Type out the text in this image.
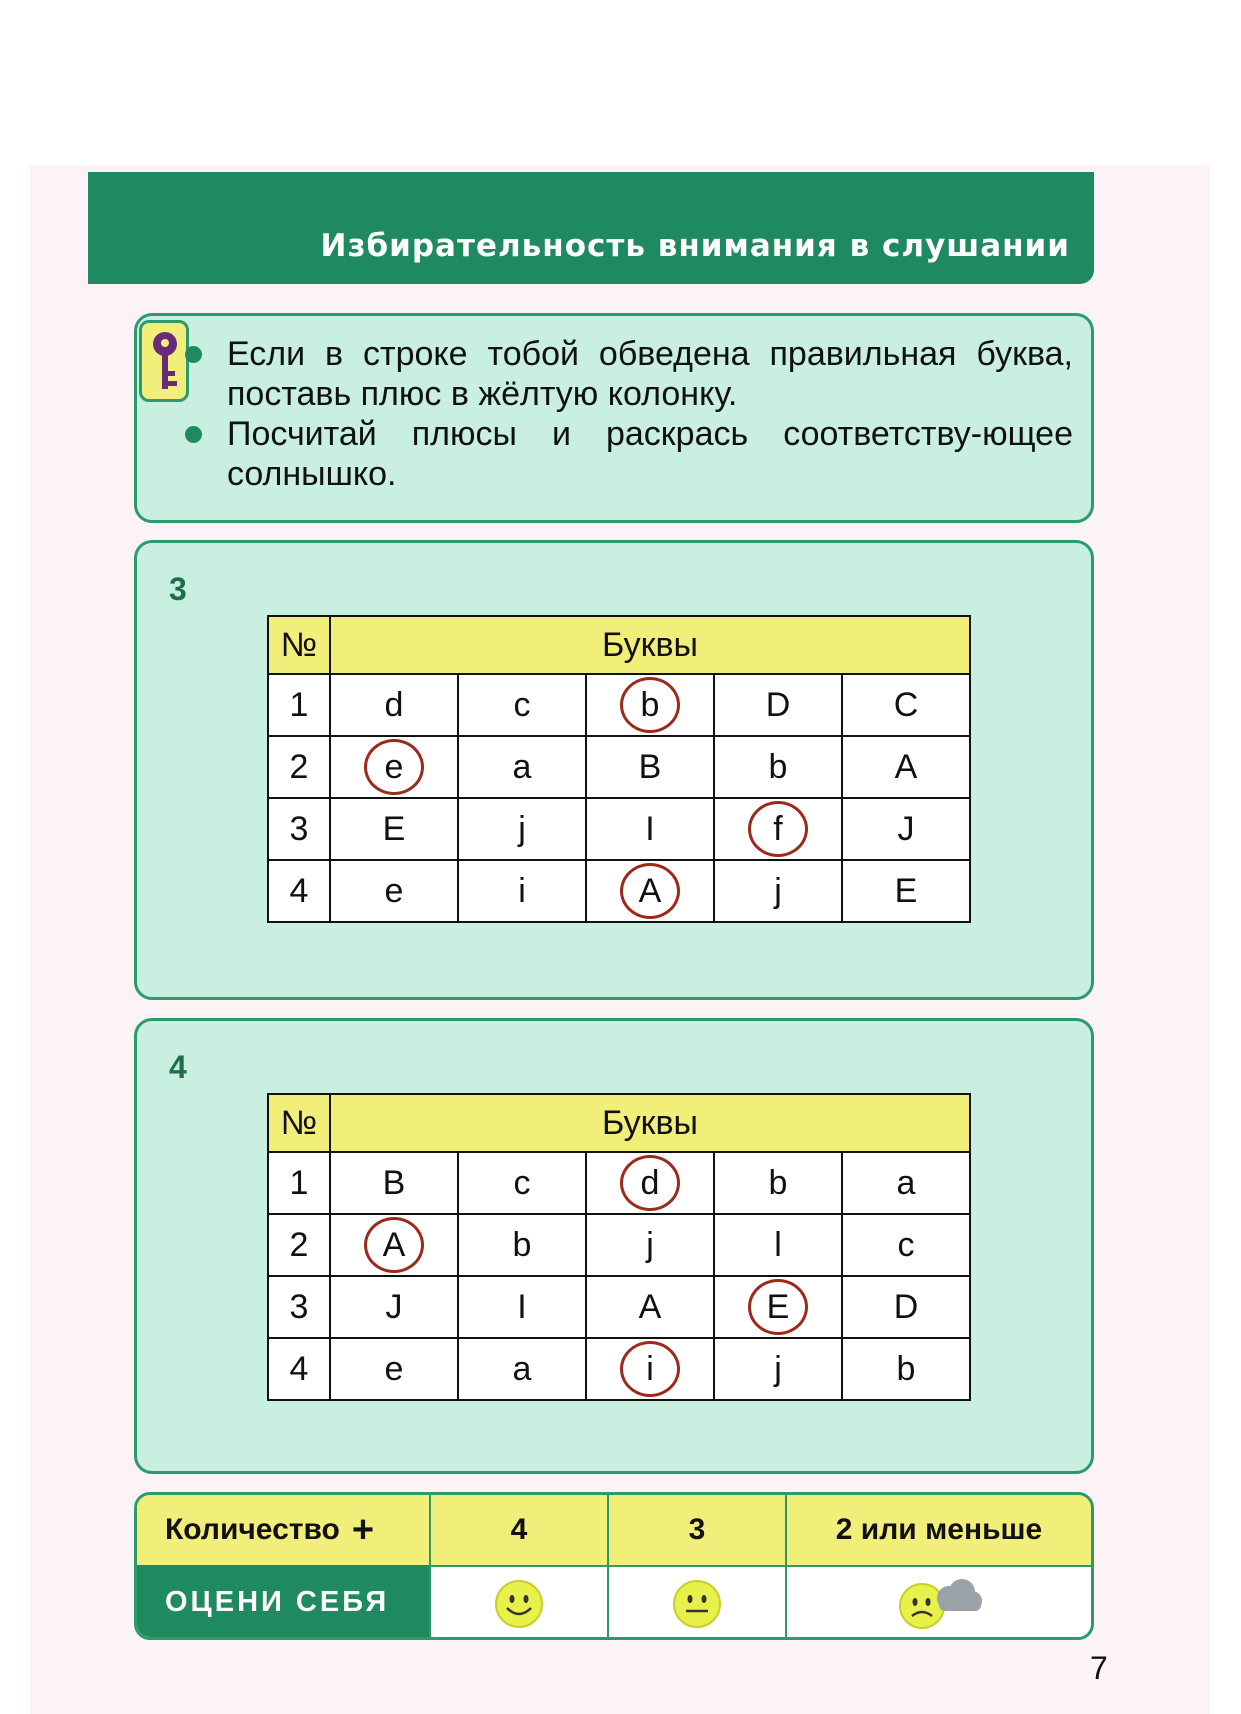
Избирательность внимания в слушании
Если в строке тобой обведена правильная буква, поставь плюс в жёлтую колонку.
Посчитай плюсы и раскрась соответству-ющее солнышко.
3
№	Буквы				
1	d	c	b	D	C
2	e	a	B	b	A
3	E	j	I	f	J
4	e	i	A	j	E
4
№	Буквы				
1	B	c	d	b	a
2	A	b	j	l	c
3	J	I	A	E	D
4	e	a	i	j	b
Количество +	4	3	2 или меньше
ОЦЕНИ СЕБЯ
7
